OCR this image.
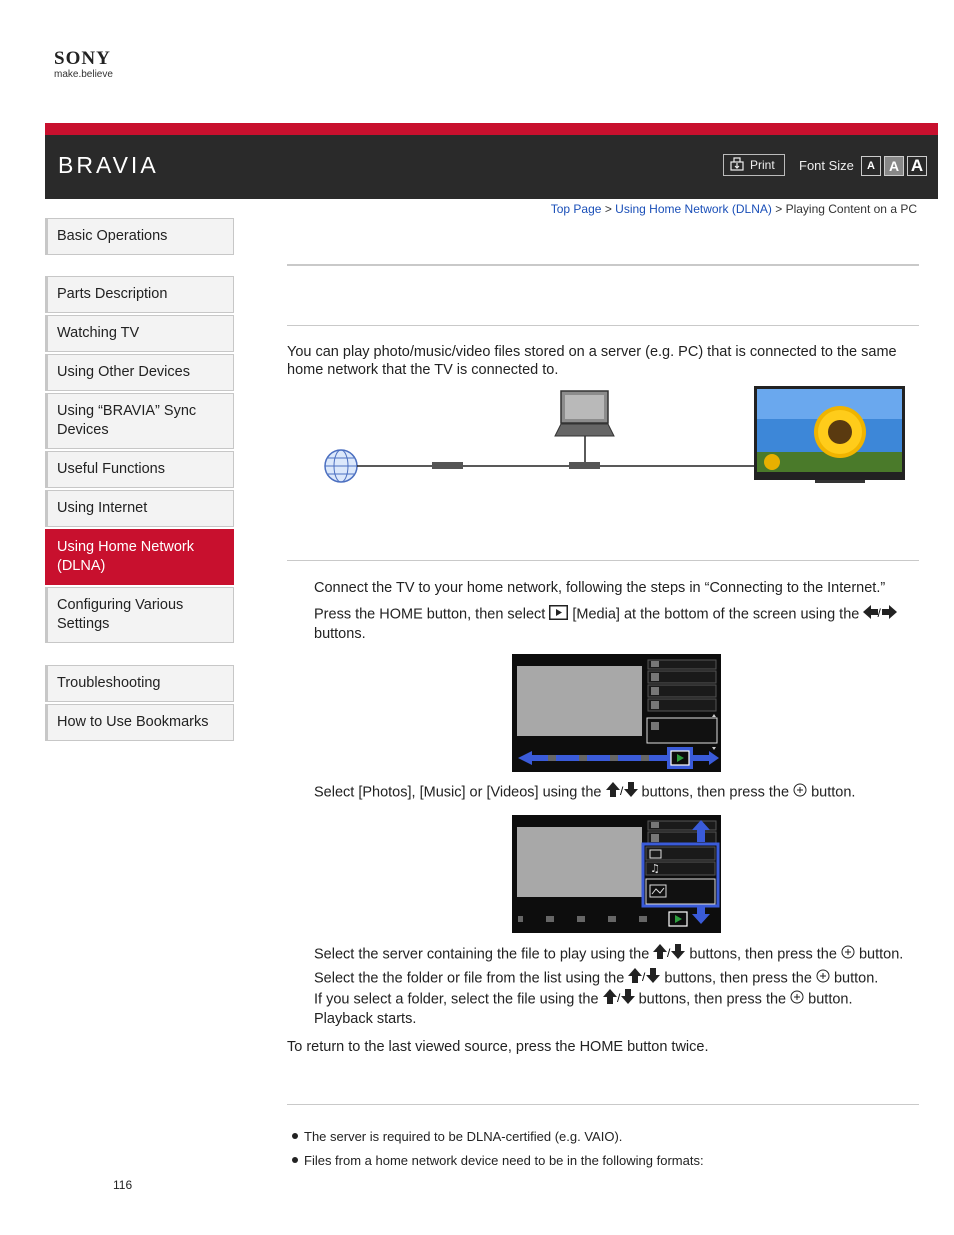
SONY
make.believe
BRAVIA	Print Font Size	A A A
Top Page > Using Home Network (DLNA) > Playing Content on a PC
Basic Operations
Parts Description
Watching TV
Using Other Devices
Using “BRAVIA” Sync Devices
Useful Functions
Using Internet
Using Home Network (DLNA)
Configuring Various Settings
Troubleshooting
How to Use Bookmarks
You can play photo/music/video files stored on a server (e.g. PC) that is connected to the same home network that the TV is connected to.
Connect the TV to your home network, following the steps in “Connecting to the Internet.”
Press the HOME button, then select [Media] at the bottom of the screen using the /

buttons.
Select [Photos], [Music] or [Videos] using the / buttons, then press the button.
♫
Select the server containing the file to play using the / buttons, then press the button.
Select the the folder or file from the list using the / buttons, then press the button.
If you select a folder, select the file using the / buttons, then press the button.
Playback starts.
To return to the last viewed source, press the HOME button twice.
The server is required to be DLNA-certified (e.g. VAIO).
Files from a home network device need to be in the following formats:
116
